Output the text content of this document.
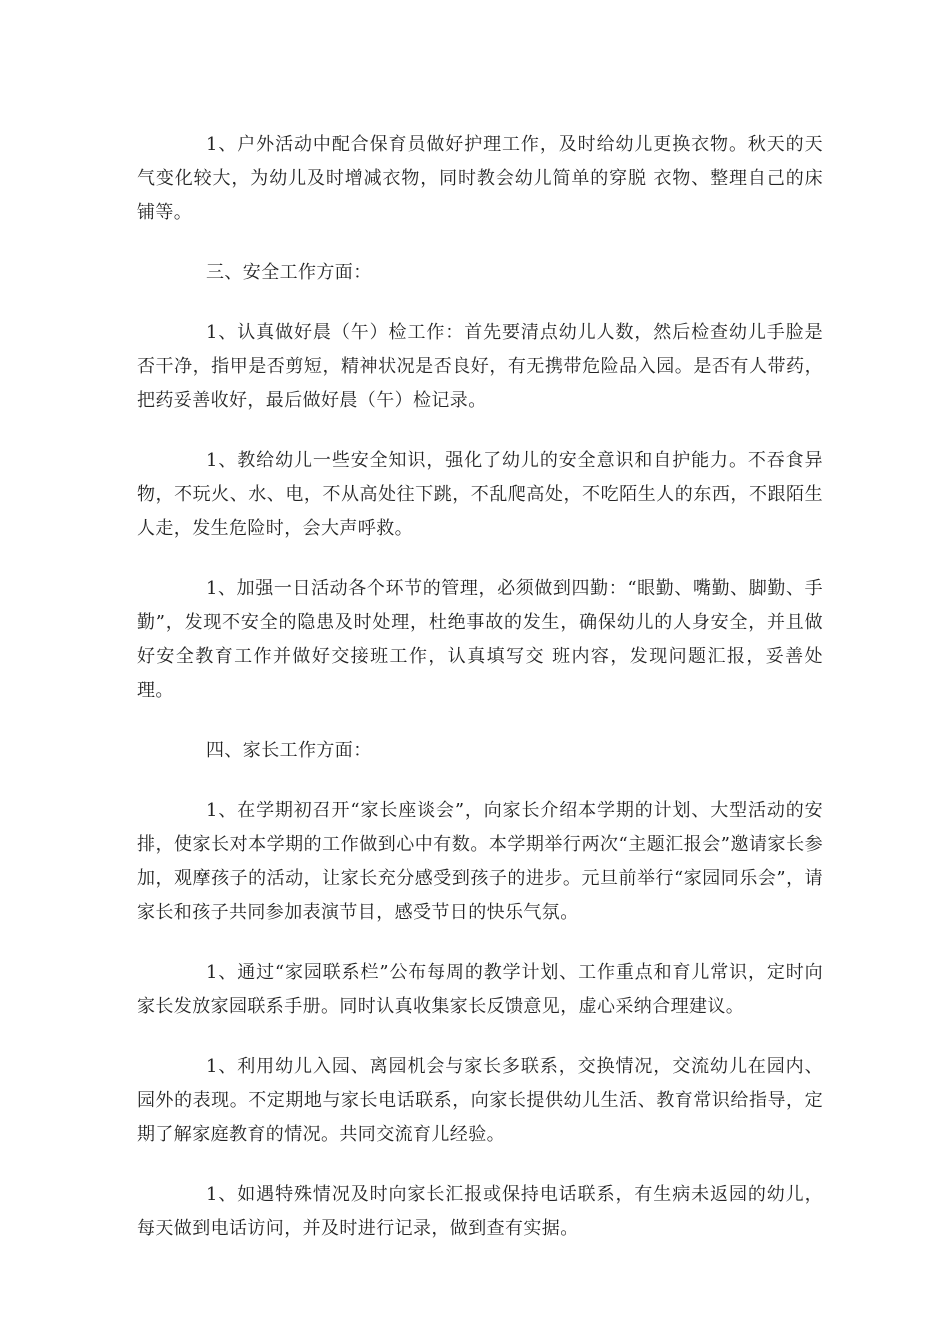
1、户外活动中配合保育员做好护理工作，及时给幼儿更换衣物。秋天的天气变化较大，为幼儿及时增减衣物，同时教会幼儿简单的穿脱 衣物、整理自己的床铺等。

三、安全工作方面：

1、认真做好晨（午）检工作：首先要清点幼儿人数，然后检查幼儿手脸是否干净，指甲是否剪短，精神状况是否良好，有无携带危险品入园。是否有人带药，把药妥善收好，最后做好晨（午）检记录。

1、教给幼儿一些安全知识，强化了幼儿的安全意识和自护能力。不吞食异物，不玩火、水、电，不从高处往下跳，不乱爬高处，不吃陌生人的东西，不跟陌生人走，发生危险时，会大声呼救。

1、加强一日活动各个环节的管理，必须做到四勤：“眼勤、嘴勤、脚勤、手勤”，发现不安全的隐患及时处理，杜绝事故的发生，确保幼儿的人身安全，并且做好安全教育工作并做好交接班工作，认真填写交 班内容，发现问题汇报，妥善处理。

四、家长工作方面：

1、在学期初召开“家长座谈会”，向家长介绍本学期的计划、大型活动的安排，使家长对本学期的工作做到心中有数。本学期举行两次“主题汇报会”邀请家长参加，观摩孩子的活动，让家长充分感受到孩子的进步。元旦前举行“家园同乐会”，请家长和孩子共同参加表演节目，感受节日的快乐气氛。

1、通过“家园联系栏”公布每周的教学计划、工作重点和育儿常识，定时向家长发放家园联系手册。同时认真收集家长反馈意见，虚心采纳合理建议。

1、利用幼儿入园、离园机会与家长多联系，交换情况，交流幼儿在园内、园外的表现。不定期地与家长电话联系，向家长提供幼儿生活、教育常识给指导，定期了解家庭教育的情况。共同交流育儿经验。

1、如遇特殊情况及时向家长汇报或保持电话联系，有生病未返园的幼儿，每天做到电话访问，并及时进行记录，做到查有实据。
